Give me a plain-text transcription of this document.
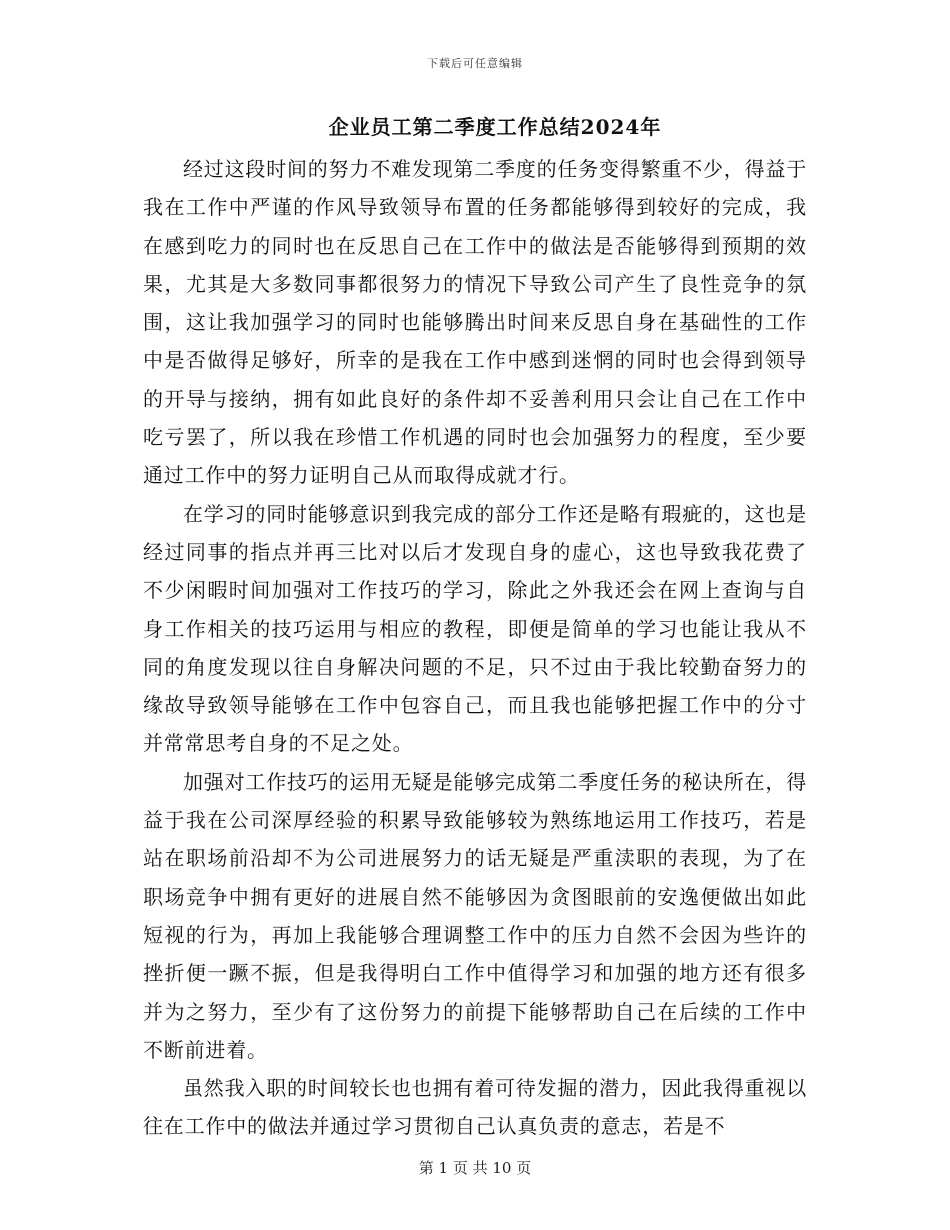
下载后可任意编辑
企业员工第二季度工作总结2024年

经过这段时间的努力不难发现第二季度的任务变得繁重不少，得益于我在工作中严谨的作风导致领导布置的任务都能够得到较好的完成，我在感到吃力的同时也在反思自己在工作中的做法是否能够得到预期的效果，尤其是大多数同事都很努力的情况下导致公司产生了良性竞争的氛围，这让我加强学习的同时也能够腾出时间来反思自身在基础性的工作中是否做得足够好，所幸的是我在工作中感到迷惘的同时也会得到领导的开导与接纳，拥有如此良好的条件却不妥善利用只会让自己在工作中吃亏罢了，所以我在珍惜工作机遇的同时也会加强努力的程度，至少要通过工作中的努力证明自己从而取得成就才行。

在学习的同时能够意识到我完成的部分工作还是略有瑕疵的，这也是经过同事的指点并再三比对以后才发现自身的虚心，这也导致我花费了不少闲暇时间加强对工作技巧的学习，除此之外我还会在网上查询与自身工作相关的技巧运用与相应的教程，即便是简单的学习也能让我从不同的角度发现以往自身解决问题的不足，只不过由于我比较勤奋努力的缘故导致领导能够在工作中包容自己，而且我也能够把握工作中的分寸并常常思考自身的不足之处。

加强对工作技巧的运用无疑是能够完成第二季度任务的秘诀所在，得益于我在公司深厚经验的积累导致能够较为熟练地运用工作技巧，若是站在职场前沿却不为公司进展努力的话无疑是严重渎职的表现，为了在职场竞争中拥有更好的进展自然不能够因为贪图眼前的安逸便做出如此短视的行为，再加上我能够合理调整工作中的压力自然不会因为些许的挫折便一蹶不振，但是我得明白工作中值得学习和加强的地方还有很多并为之努力，至少有了这份努力的前提下能够帮助自己在后续的工作中不断前进着。

虽然我入职的时间较长也也拥有着可待发掘的潜力，因此我得重视以往在工作中的做法并通过学习贯彻自己认真负责的意志，若是不

第 1 页 共 10 页
